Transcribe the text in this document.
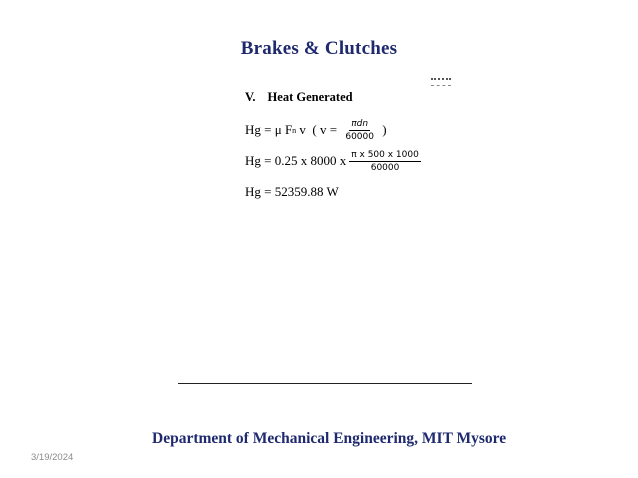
Brakes & Clutches
V. Heat Generated
Hg = μ F n v  ( $v = \frac{\text{πdn}}{60000}$ )
Hg = 0.25 x 8000 x $\frac{\text{π x 500 x 1000}}{60000}$
Hg = 52359.88 W
Department of Mechanical Engineering, MIT Mysore
3/19/2024
